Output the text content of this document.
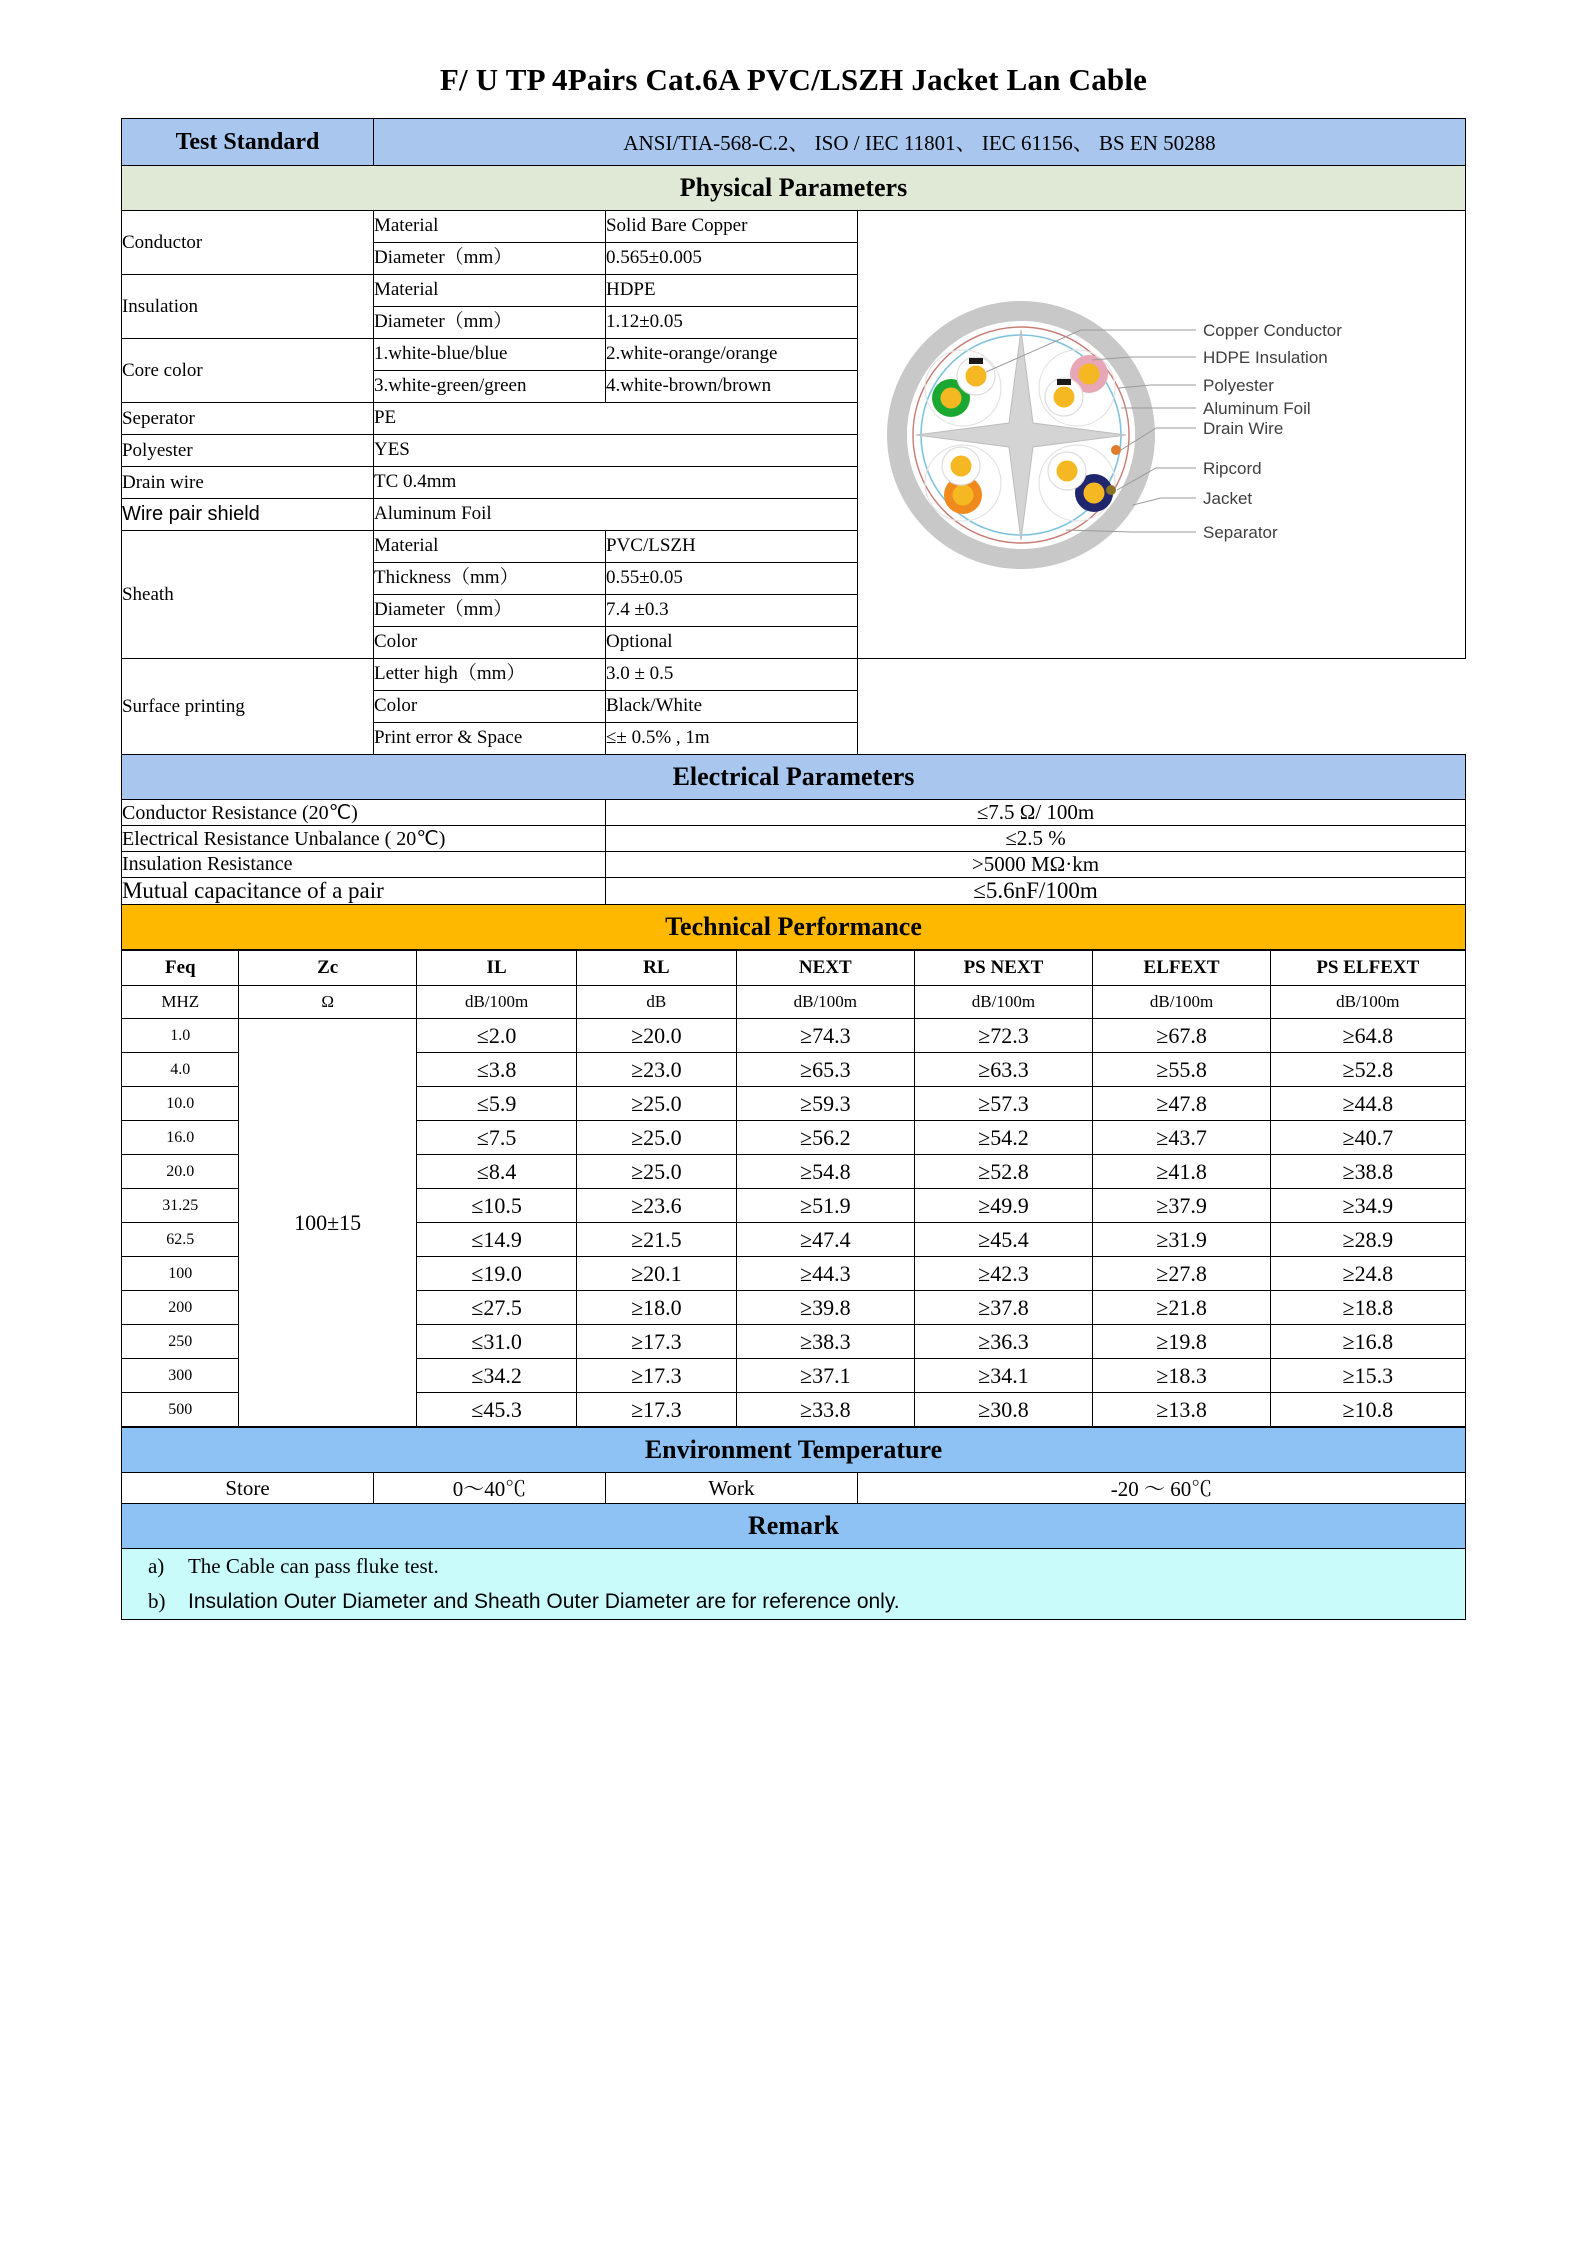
F/ U TP 4Pairs Cat.6A PVC/LSZH Jacket Lan Cable
Test Standard	ANSI/TIA-568-C.2、 ISO / IEC 11801、 IEC 61156、 BS EN 50288
Physical Parameters
Conductor	Material	Solid Bare Copper	
Copper Conductor
HDPE Insulation
Polyester
Aluminum Foil
Drain Wire
Ripcord
Jacket
Separator

Diameter（mm）	0.565±0.005
Insulation	Material	HDPE
Diameter（mm）	1.12±0.05
Core color	1.white-blue/blue	2.white-orange/orange
3.white-green/green	4.white-brown/brown
Seperator	PE
Polyester	YES
Drain wire	TC 0.4mm
Wire pair shield	Aluminum Foil
Sheath	Material	PVC/LSZH
Thickness（mm）	0.55±0.05
Diameter（mm）	7.4 ±0.3
Color	Optional
Surface printing	Letter high（mm）	3.0 ± 0.5
Color	Black/White
Print error & Space	≤± 0.5% , 1m
Electrical Parameters
Conductor Resistance (20℃)	≤7.5 Ω/ 100m
Electrical Resistance Unbalance ( 20℃)	≤2.5 %
Insulation Resistance	>5000 MΩ·km
Mutual capacitance of a pair	≤5.6nF/100m
Technical Performance

Feq	Zc	IL	RL	NEXT	PS NEXT	ELFEXT	PS ELFEXT
MHZ	Ω	dB/100m	dB	dB/100m	dB/100m	dB/100m	dB/100m
1.0	100±15	≤2.0	≥20.0	≥74.3	≥72.3	≥67.8	≥64.8
4.0	≤3.8	≥23.0	≥65.3	≥63.3	≥55.8	≥52.8
10.0	≤5.9	≥25.0	≥59.3	≥57.3	≥47.8	≥44.8
16.0	≤7.5	≥25.0	≥56.2	≥54.2	≥43.7	≥40.7
20.0	≤8.4	≥25.0	≥54.8	≥52.8	≥41.8	≥38.8
31.25	≤10.5	≥23.6	≥51.9	≥49.9	≥37.9	≥34.9
62.5	≤14.9	≥21.5	≥47.4	≥45.4	≥31.9	≥28.9
100	≤19.0	≥20.1	≥44.3	≥42.3	≥27.8	≥24.8
200	≤27.5	≥18.0	≥39.8	≥37.8	≥21.8	≥18.8
250	≤31.0	≥17.3	≥38.3	≥36.3	≥19.8	≥16.8
300	≤34.2	≥17.3	≥37.1	≥34.1	≥18.3	≥15.3
500	≤45.3	≥17.3	≥33.8	≥30.8	≥13.8	≥10.8

Environment Temperature
Store	0～40℃	Work	-20 ～ 60℃
Remark

a) The Cable can pass fluke test.
b) Insulation Outer Diameter and Sheath Outer Diameter are for reference only.
